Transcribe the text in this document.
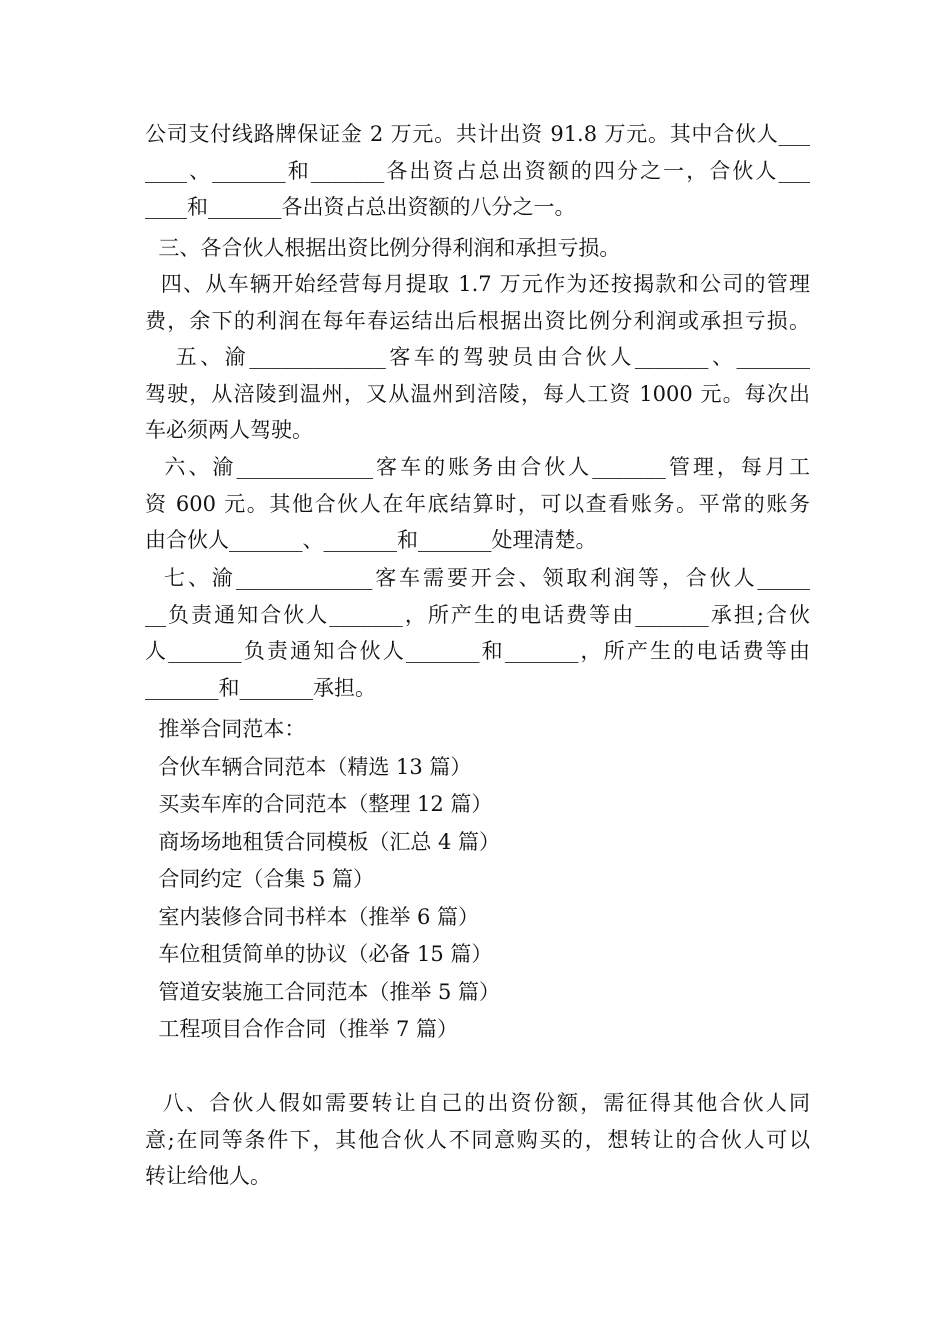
公司支付线路牌保证金 2 万元。共计出资 91.8 万元。其中合伙人___
____、_______和_______各出资占总出资额的四分之一，合伙人___
____和_______各出资占总出资额的八分之一。
三、各合伙人根据出资比例分得利润和承担亏损。
四、从车辆开始经营每月提取 1.7 万元作为还按揭款和公司的管理
费，余下的利润在每年春运结出后根据出资比例分利润或承担亏损。
五、渝_____________客车的驾驶员由合伙人_______、_______
驾驶，从涪陵到温州，又从温州到涪陵，每人工资 1000 元。每次出
车必须两人驾驶。
六、渝_____________客车的账务由合伙人_______管理，每月工
资 600 元。其他合伙人在年底结算时，可以查看账务。平常的账务
由合伙人_______、_______和_______处理清楚。
七、渝_____________客车需要开会、领取利润等，合伙人_____
__负责通知合伙人_______，所产生的电话费等由_______承担;合伙
人_______负责通知合伙人_______和_______，所产生的电话费等由
_______和_______承担。
推举合同范本：
合伙车辆合同范本（精选 13 篇）
买卖车库的合同范本（整理 12 篇）
商场场地租赁合同模板（汇总 4 篇）
合同约定（合集 5 篇）
室内装修合同书样本（推举 6 篇）
车位租赁简单的协议（必备 15 篇）
管道安装施工合同范本（推举 5 篇）
工程项目合作合同（推举 7 篇）
八、合伙人假如需要转让自己的出资份额，需征得其他合伙人同
意;在同等条件下，其他合伙人不同意购买的，想转让的合伙人可以
转让给他人。
